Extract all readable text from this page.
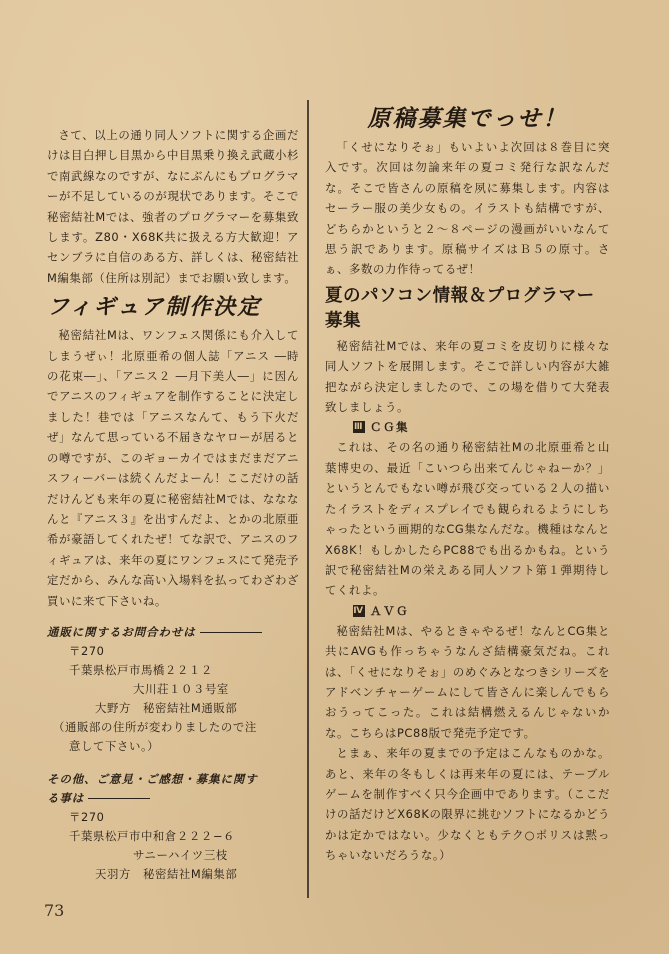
さて、以上の通り同人ソフトに関する企画だけは目白押し目黒から中目黒乗り換え武蔵小杉で南武線なのですが、なにぶんにもプログラマーが不足しているのが現状であります。そこで秘密結社Mでは、強者のプログラマーを募集致します。Z80・X68K共に扱える方大歓迎！アセンブラに自信のある方、詳しくは、秘密結社M編集部（住所は別記）までお願い致します。

フィギュア制作決定

秘密結社Mは、ワンフェス関係にも介入してしまうぜぃ！北原亜希の個人誌「アニス ―時の花束―」、「アニス２ ―月下美人―」に因んでアニスのフィギュアを制作することに決定しました！巷では「アニスなんて、もう下火だぜ」なんて思っている不届きなヤローが居るとの噂ですが、このギョーカイではまだまだアニスフィーバーは続くんだよーん！ここだけの話だけんども来年の夏に秘密結社Mでは、なななんと『アニス３』を出すんだよ、とかの北原亜希が豪語してくれたぜ！てな訳で、アニスのフィギュアは、来年の夏にワンフェスにて発売予定だから、みんな高い入場料を払ってわざわざ買いに来て下さいね。

通販に関するお問合わせは
〒270
千葉県松戸市馬橋２２１２
大川荘１０３号室
大野方　秘密結社M通販部
（通販部の住所が変わりましたので注
意して下さい。）
その他、ご意見・ご感想・募集に関す
る事は
〒270
千葉県松戸市中和倉２２２−６
サニーハイツ三枝
天羽方　秘密結社M編集部
原稿募集でっせ！

「くせになりそぉ」もいよいよ次回は８巻目に突入です。次回は勿論来年の夏コミ発行な訳なんだな。そこで皆さんの原稿を夙に募集します。内容はセーラー服の美少女もの。イラストも結構ですが、どちらかというと２〜８ページの漫画がいいなんて思う訳であります。原稿サイズはＢ５の原寸。さぁ、多数の力作待ってるぜ！

夏のパソコン情報＆プログラマー募集

秘密結社Mでは、来年の夏コミを皮切りに様々な同人ソフトを展開します。そこで詳しい内容が大雑把ながら決定しましたので、この場を借りて大発表致しましょう。

Ⅲ ＣＧ集

これは、その名の通り秘密結社Mの北原亜希と山葉博史の、最近「こいつら出来てんじゃねーか？」というとんでもない噂が飛び交っている２人の描いたイラストをディスプレイでも観られるようにしちゃったという画期的なCG集なんだな。機種はなんとX68K！もしかしたらPC88でも出るかもね。という訳で秘密結社Mの栄えある同人ソフト第１弾期待してくれよ。

Ⅳ ＡＶＧ

秘密結社Mは、やるときゃやるぜ！なんとCG集と共にAVGも作っちゃうなんざ結構豪気だね。これは、「くせになりそぉ」のめぐみとなつきシリーズをアドベンチャーゲームにして皆さんに楽しんでもらおうってこった。これは結構燃えるんじゃないかな。こちらはPC88版で発売予定です。

とまぁ、来年の夏までの予定はこんなものかな。あと、来年の冬もしくは再来年の夏には、テーブルゲームを制作すべく只今企画中であります。（ここだけの話だけどX68Kの限界に挑むソフトになるかどうかは定かではない。少なくともテク○ポリスは黙っちゃいないだろうな。）

73
